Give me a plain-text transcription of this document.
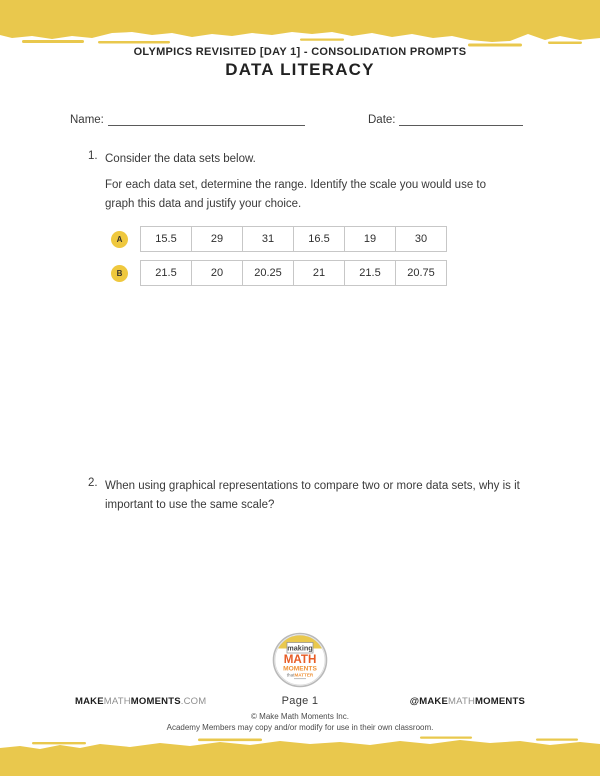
OLYMPICS REVISITED [DAY 1] - CONSOLIDATION PROMPTS
DATA LITERACY
Name:	Date:
1. Consider the data sets below.
For each data set, determine the range. Identify the scale you would use to graph this data and justify your choice.
A	15.5	29	31	16.5	19	30
B	21.5	20	20.25	21	21.5	20.75
2. When using graphical representations to compare two or more data sets, why is it important to use the same scale?
making
MATH
MOMENTS
thatMATTER
MAKEMATHMOMENTS.COM	Page 1	@MAKEMATHMOMENTS
© Make Math Moments Inc.
Academy Members may copy and/or modify for use in their own classroom.
